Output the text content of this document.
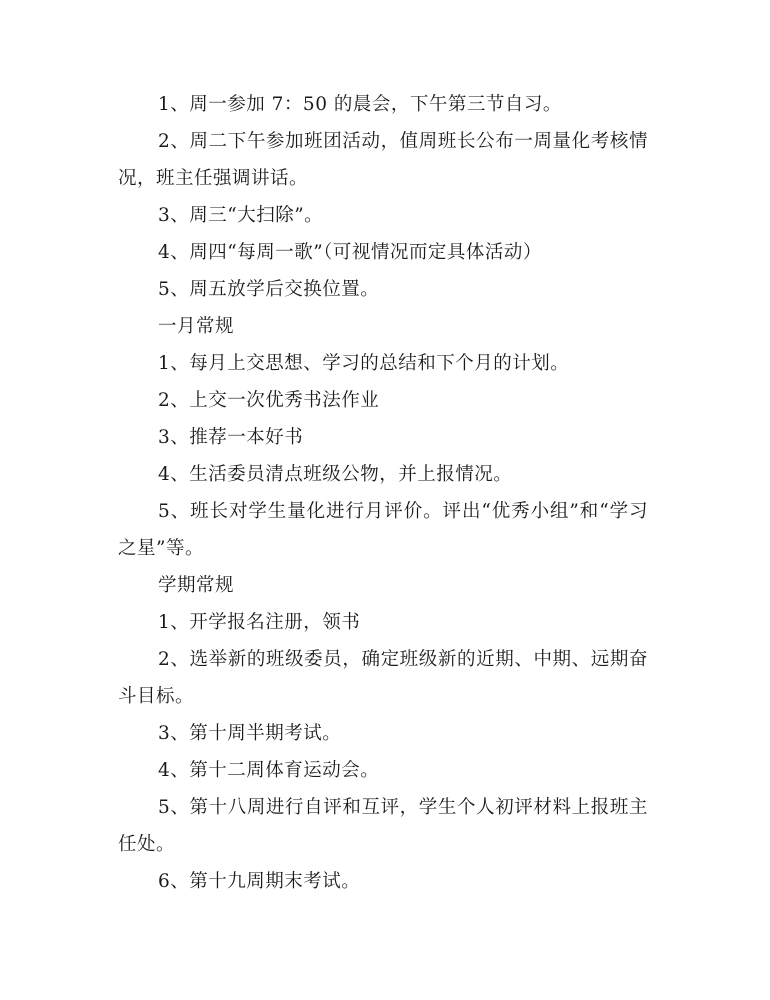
1、周一参加 7：50 的晨会，下午第三节自习。

2、周二下午参加班团活动，值周班长公布一周量化考核情况，班主任强调讲话。

3、周三“大扫除”。

4、周四“每周一歌”（可视情况而定具体活动）

5、周五放学后交换位置。

一月常规

1、每月上交思想、学习的总结和下个月的计划。

2、上交一次优秀书法作业

3、推荐一本好书

4、生活委员清点班级公物，并上报情况。

5、班长对学生量化进行月评价。评出“优秀小组”和“学习之星”等。

学期常规

1、开学报名注册，领书

2、选举新的班级委员，确定班级新的近期、中期、远期奋斗目标。

3、第十周半期考试。

4、第十二周体育运动会。

5、第十八周进行自评和互评，学生个人初评材料上报班主任处。

6、第十九周期末考试。
